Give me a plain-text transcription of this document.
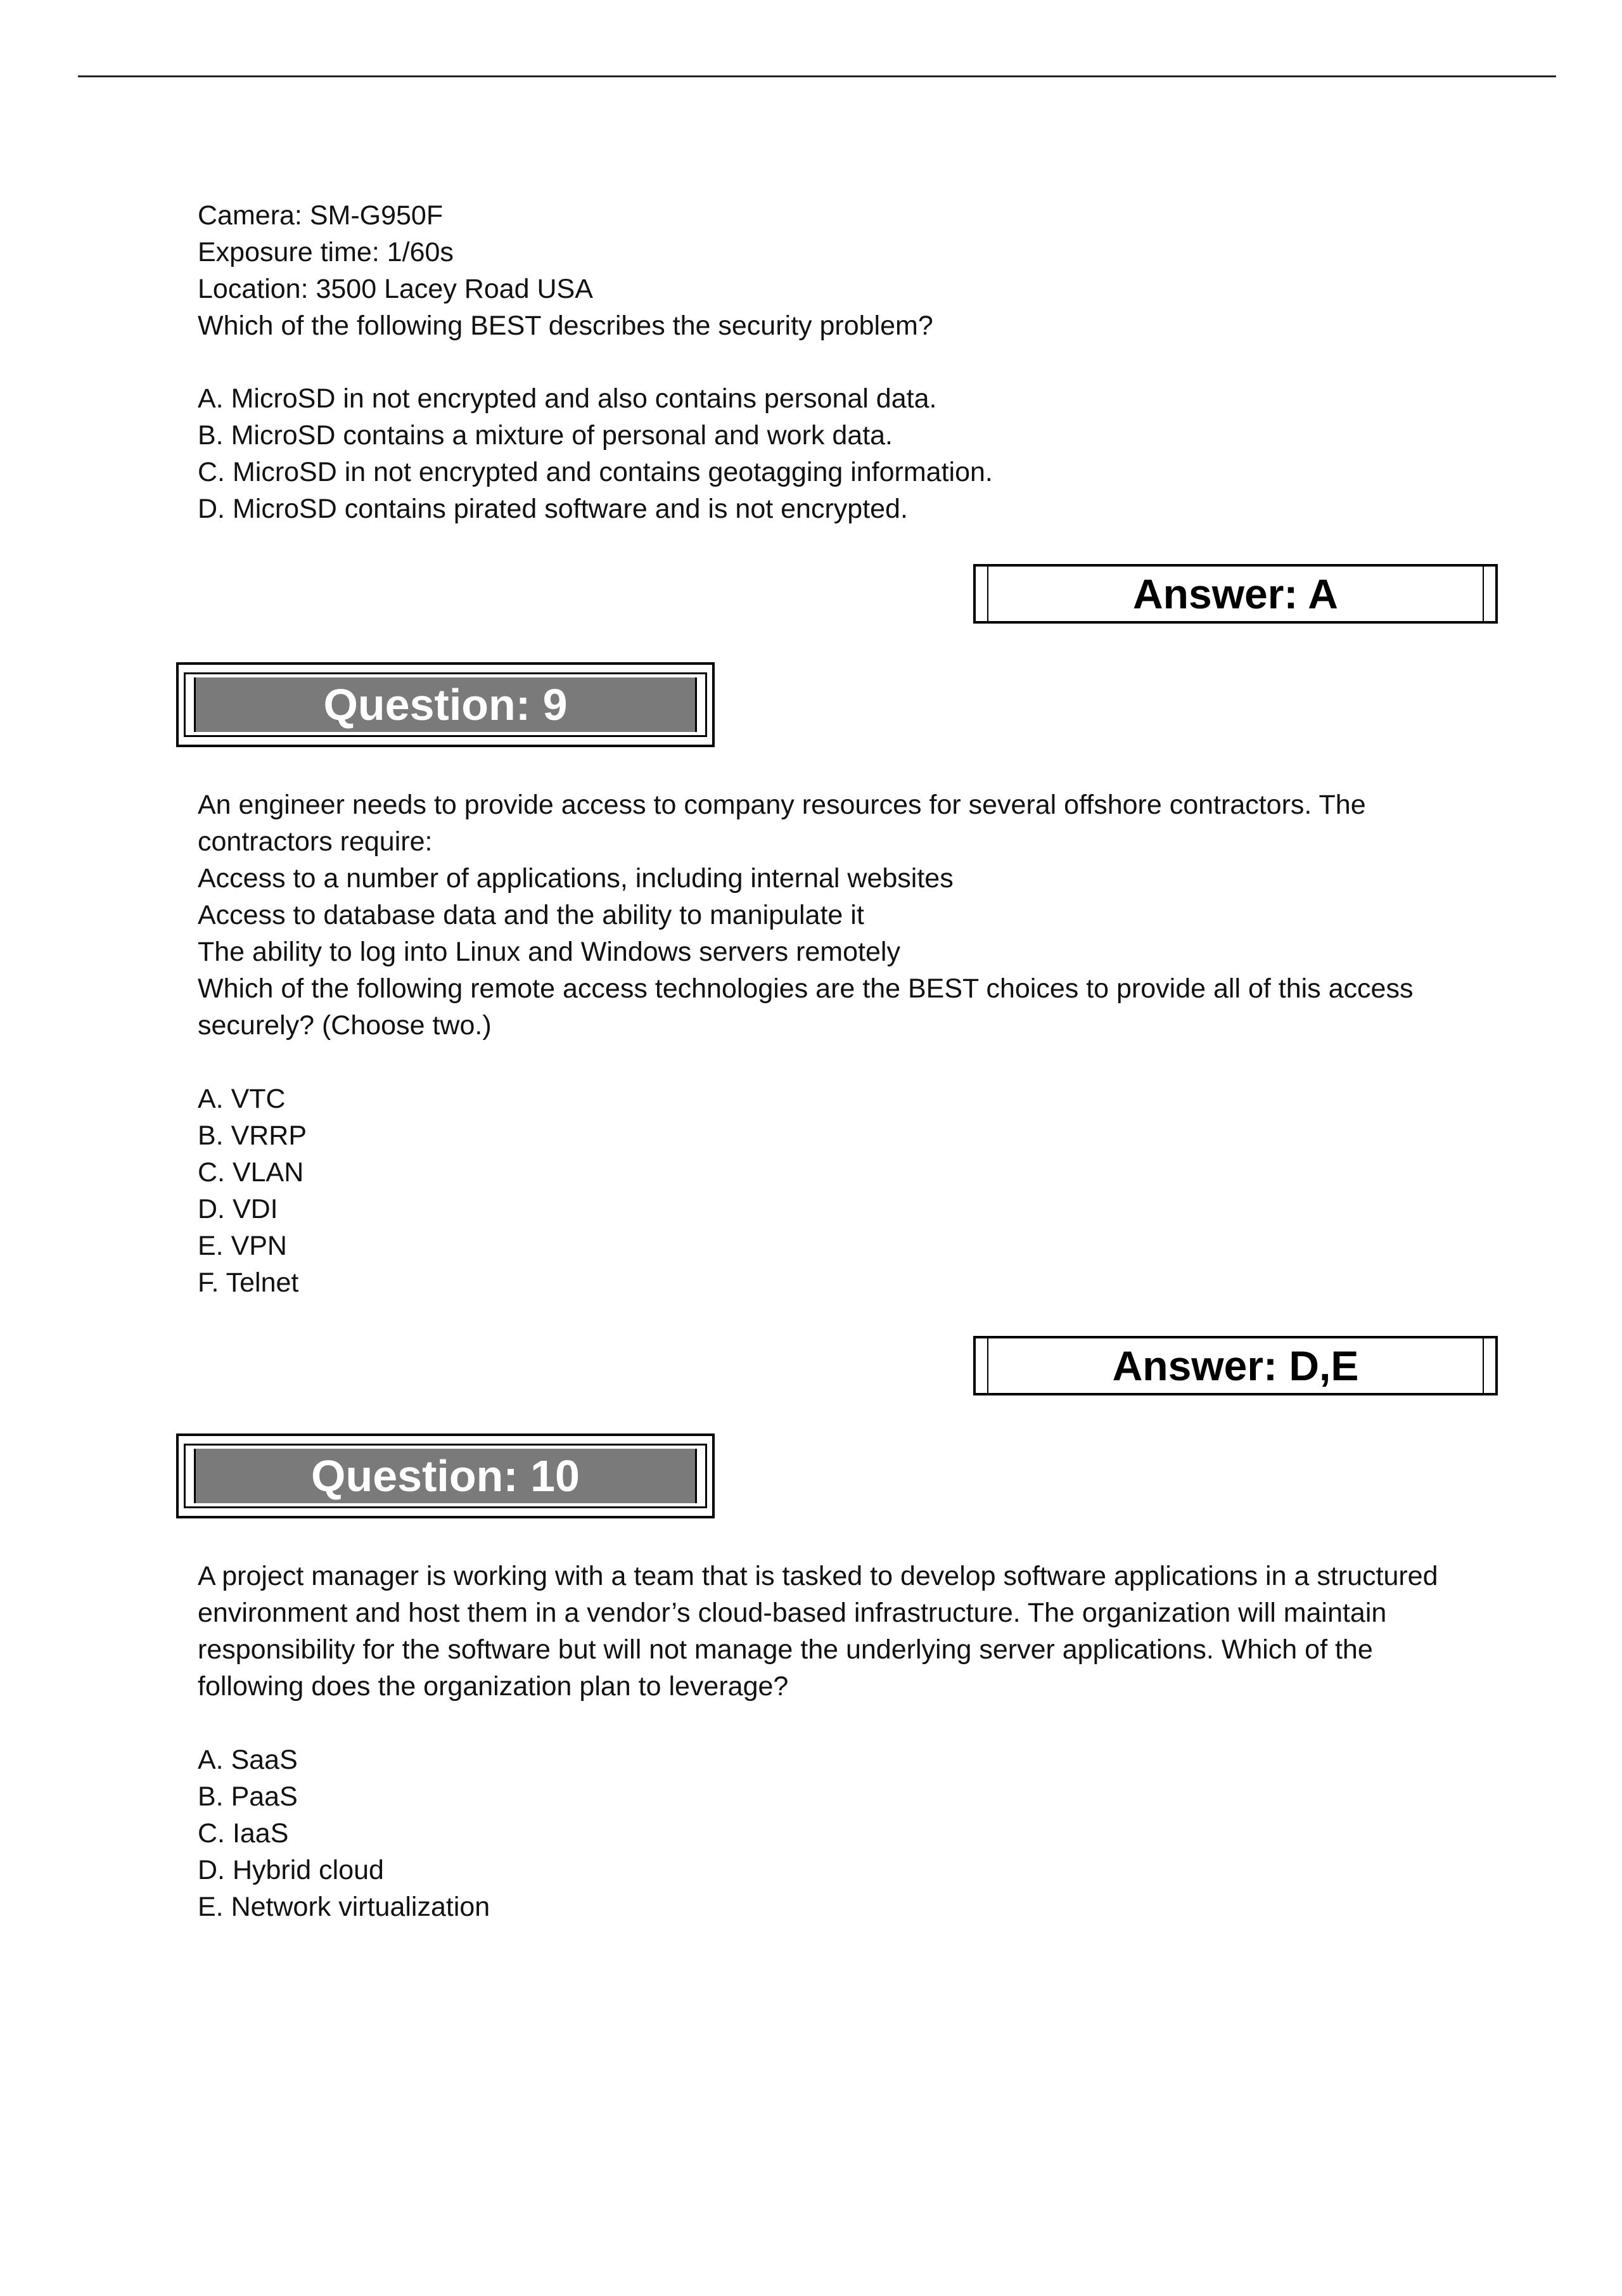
Camera: SM-G950F
Exposure time: 1/60s
Location: 3500 Lacey Road USA
Which of the following BEST describes the security problem?
A. MicroSD in not encrypted and also contains personal data.
B. MicroSD contains a mixture of personal and work data.
C. MicroSD in not encrypted and contains geotagging information.
D. MicroSD contains pirated software and is not encrypted.
Answer: A
Question: 9
An engineer needs to provide access to company resources for several offshore contractors. The
contractors require:
Access to a number of applications, including internal websites
Access to database data and the ability to manipulate it
The ability to log into Linux and Windows servers remotely
Which of the following remote access technologies are the BEST choices to provide all of this access
securely? (Choose two.)
A. VTC
B. VRRP
C. VLAN
D. VDI
E. VPN
F. Telnet
Answer: D,E
Question: 10
A project manager is working with a team that is tasked to develop software applications in a structured
environment and host them in a vendor’s cloud-based infrastructure. The organization will maintain
responsibility for the software but will not manage the underlying server applications. Which of the
following does the organization plan to leverage?
A. SaaS
B. PaaS
C. IaaS
D. Hybrid cloud
E. Network virtualization
